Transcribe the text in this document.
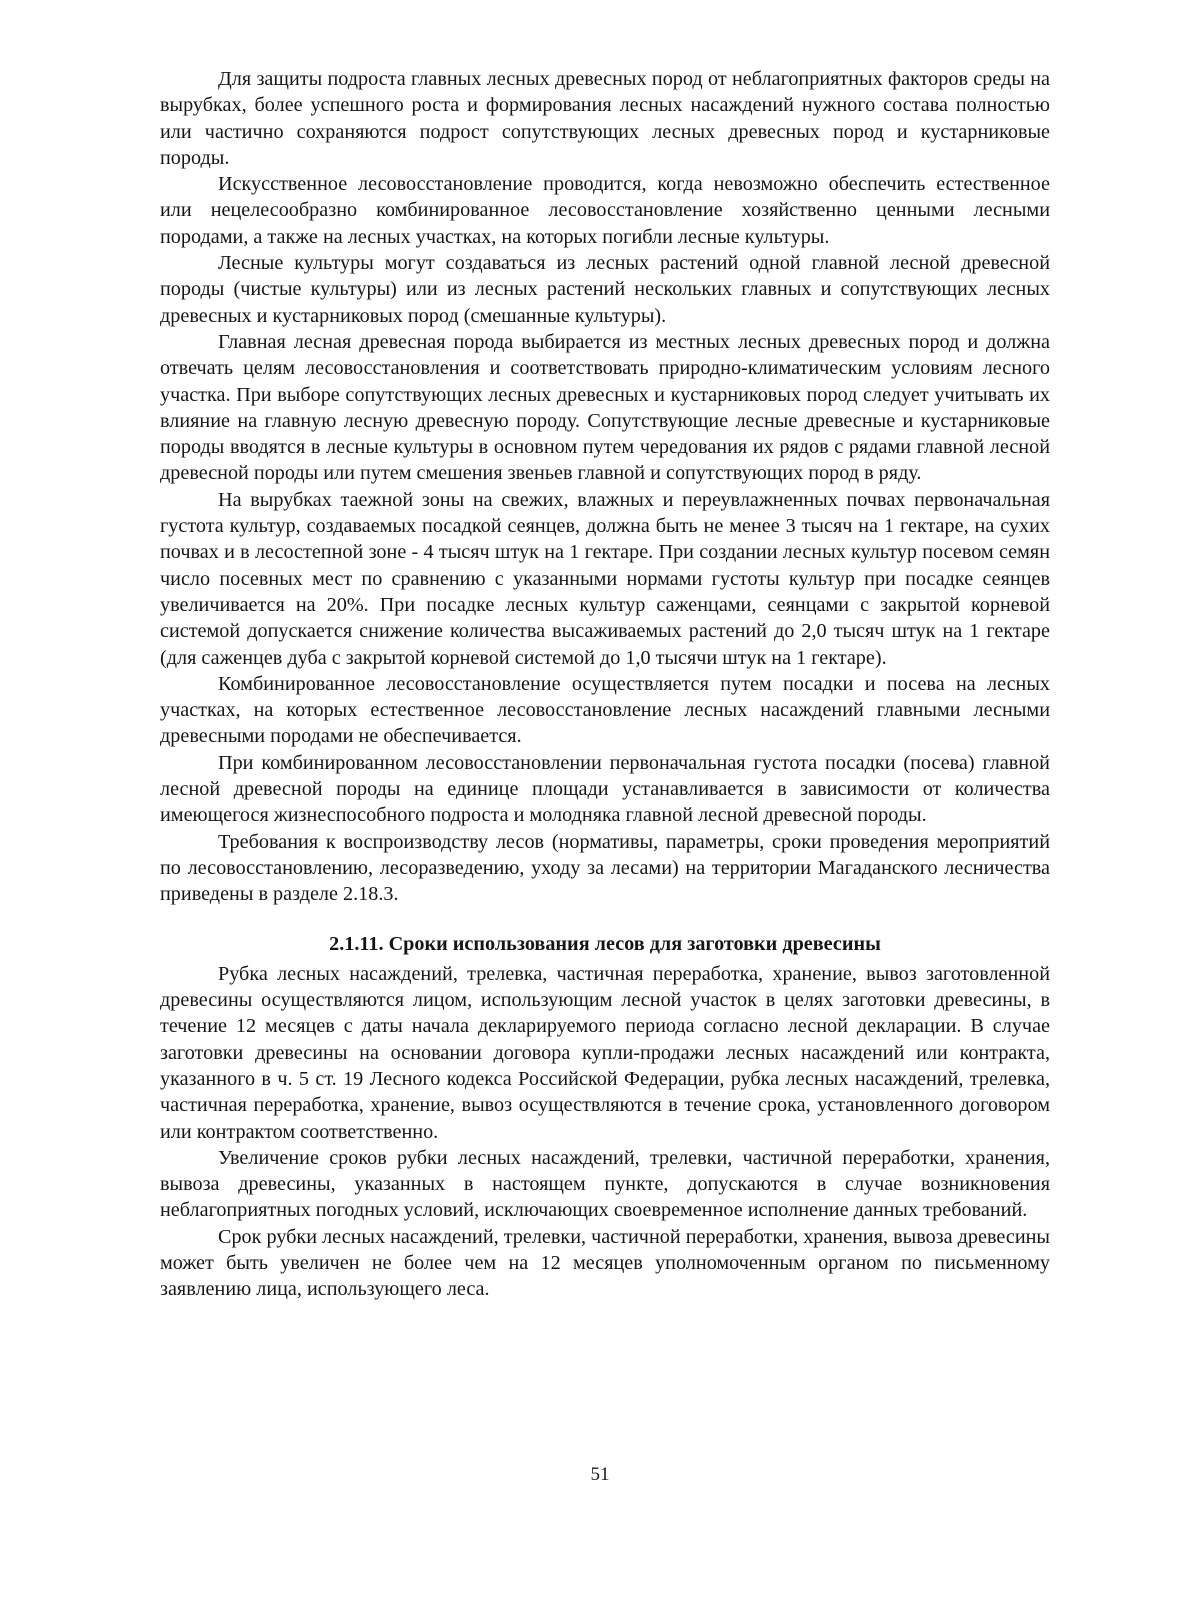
Для защиты подроста главных лесных древесных пород от неблагоприятных факторов среды на вырубках, более успешного роста и формирования лесных насаждений нужного состава полностью или частично сохраняются подрост сопутствующих лесных древесных пород и кустарниковые породы.

Искусственное лесовосстановление проводится, когда невозможно обеспечить естественное или нецелесообразно комбинированное лесовосстановление хозяйственно ценными лесными породами, а также на лесных участках, на которых погибли лесные культуры.

Лесные культуры могут создаваться из лесных растений одной главной лесной древесной породы (чистые культуры) или из лесных растений нескольких главных и сопутствующих лесных древесных и кустарниковых пород (смешанные культуры).

Главная лесная древесная порода выбирается из местных лесных древесных пород и должна отвечать целям лесовосстановления и соответствовать природно-климатическим условиям лесного участка. При выборе сопутствующих лесных древесных и кустарниковых пород следует учитывать их влияние на главную лесную древесную породу. Сопутствующие лесные древесные и кустарниковые породы вводятся в лесные культуры в основном путем чередования их рядов с рядами главной лесной древесной породы или путем смешения звеньев главной и сопутствующих пород в ряду.

На вырубках таежной зоны на свежих, влажных и переувлажненных почвах первоначальная густота культур, создаваемых посадкой сеянцев, должна быть не менее 3 тысяч на 1 гектаре, на сухих почвах и в лесостепной зоне - 4 тысяч штук на 1 гектаре. При создании лесных культур посевом семян число посевных мест по сравнению с указанными нормами густоты культур при посадке сеянцев увеличивается на 20%. При посадке лесных культур саженцами, сеянцами с закрытой корневой системой допускается снижение количества высаживаемых растений до 2,0 тысяч штук на 1 гектаре (для саженцев дуба с закрытой корневой системой до 1,0 тысячи штук на 1 гектаре).

Комбинированное лесовосстановление осуществляется путем посадки и посева на лесных участках, на которых естественное лесовосстановление лесных насаждений главными лесными древесными породами не обеспечивается.

При комбинированном лесовосстановлении первоначальная густота посадки (посева) главной лесной древесной породы на единице площади устанавливается в зависимости от количества имеющегося жизнеспособного подроста и молодняка главной лесной древесной породы.

Требования к воспроизводству лесов (нормативы, параметры, сроки проведения мероприятий по лесовосстановлению, лесоразведению, уходу за лесами) на территории Магаданского лесничества приведены в разделе 2.18.3.

2.1.11. Сроки использования лесов для заготовки древесины

Рубка лесных насаждений, трелевка, частичная переработка, хранение, вывоз заготовленной древесины осуществляются лицом, использующим лесной участок в целях заготовки древесины, в течение 12 месяцев с даты начала декларируемого периода согласно лесной декларации. В случае заготовки древесины на основании договора купли-продажи лесных насаждений или контракта, указанного в ч. 5 ст. 19 Лесного кодекса Российской Федерации, рубка лесных насаждений, трелевка, частичная переработка, хранение, вывоз осуществляются в течение срока, установленного договором или контрактом соответственно.

Увеличение сроков рубки лесных насаждений, трелевки, частичной переработки, хранения, вывоза древесины, указанных в настоящем пункте, допускаются в случае возникновения неблагоприятных погодных условий, исключающих своевременное исполнение данных требований.

Срок рубки лесных насаждений, трелевки, частичной переработки, хранения, вывоза древесины может быть увеличен не более чем на 12 месяцев уполномоченным органом по письменному заявлению лица, использующего леса.

51
